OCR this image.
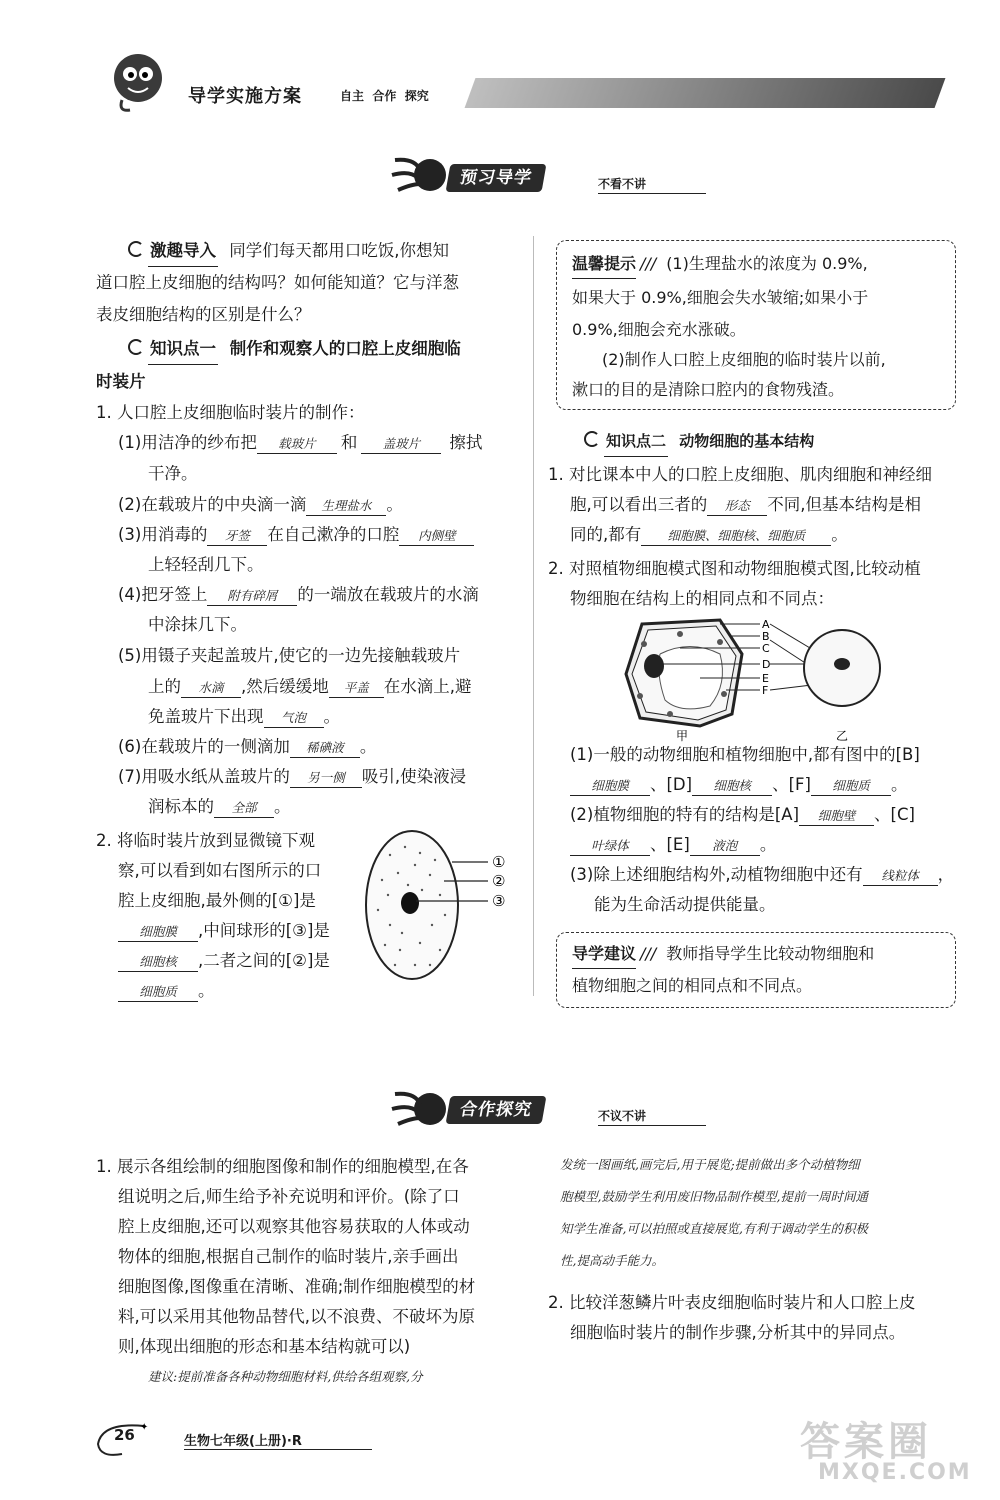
导学实施方案	自主  合作  探究
预习导学	不看不讲
激趣导入 同学们每天都用口吃饭,你想知
道口腔上皮细胞的结构吗？如何能知道？它与洋葱
表皮细胞结构的区别是什么？
知识点一 制作和观察人的口腔上皮细胞临
时装片
1. 人口腔上皮细胞临时装片的制作：
(1)用洁净的纱布把 载玻片 和 盖玻片 擦拭
干净。
(2)在载玻片的中央滴一滴 生理盐水 。
(3)用消毒的 牙签 在自己漱净的口腔 内侧壁
上轻轻刮几下。
(4)把牙签上 附有碎屑 的一端放在载玻片的水滴
中涂抹几下。
(5)用镊子夹起盖玻片,使它的一边先接触载玻片
上的 水滴 ,然后缓缓地 平盖 在水滴上,避
免盖玻片下出现 气泡 。
(6)在载玻片的一侧滴加 稀碘液 。
(7)用吸水纸从盖玻片的 另一侧 吸引,使染液浸
润标本的 全部 。
2. 将临时装片放到显微镜下观
察,可以看到如右图所示的口
腔上皮细胞,最外侧的[①]是
细胞膜 ,中间球形的[③]是
细胞核 ,二者之间的[②]是
细胞质 。
①
②
③
温馨提示 /// (1)生理盐水的浓度为 0.9%,
如果大于 0.9%,细胞会失水皱缩;如果小于
0.9%,细胞会充水涨破。
(2)制作人口腔上皮细胞的临时装片以前,
漱口的目的是清除口腔内的食物残渣。
知识点二 动物细胞的基本结构
1. 对比课本中人的口腔上皮细胞、肌肉细胞和神经细
胞,可以看出三者的 形态 不同,但基本结构是相
同的,都有 细胞膜、细胞核、细胞质 。
2. 对照植物细胞模式图和动物细胞模式图,比较动植
物细胞在结构上的相同点和不同点：
A
B
C
D
E
F
甲	乙
(1)一般的动物细胞和植物细胞中,都有图中的[B]
细胞膜 、[D] 细胞核 、[F] 细胞质 。
(2)植物细胞的特有的结构是[A] 细胞壁 、[C]
叶绿体 、[E] 液泡 。
(3)除上述细胞结构外,动植物细胞中还有 线粒体 ，
能为生命活动提供能量。
导学建议 /// 教师指导学生比较动物细胞和
植物细胞之间的相同点和不同点。
合作探究	不议不讲
1. 展示各组绘制的细胞图像和制作的细胞模型,在各
组说明之后,师生给予补充说明和评价。(除了口
腔上皮细胞,还可以观察其他容易获取的人体或动
物体的细胞,根据自己制作的临时装片,亲手画出
细胞图像,图像重在清晰、准确;制作细胞模型的材
料,可以采用其他物品替代,以不浪费、不破坏为原
则,体现出细胞的形态和基本结构就可以)
建议:提前准备各种动物细胞材料,供给各组观察,分
发统一图画纸,画完后,用于展览;提前做出多个动植物细
胞模型,鼓励学生利用废旧物品制作模型,提前一周时间通
知学生准备,可以拍照或直接展览,有利于调动学生的积极
性,提高动手能力。
2. 比较洋葱鳞片叶表皮细胞临时装片和人口腔上皮
细胞临时装片的制作步骤,分析其中的异同点。
✦
26	生物七年级(上册)·R	答案圈
MXQE.COM
